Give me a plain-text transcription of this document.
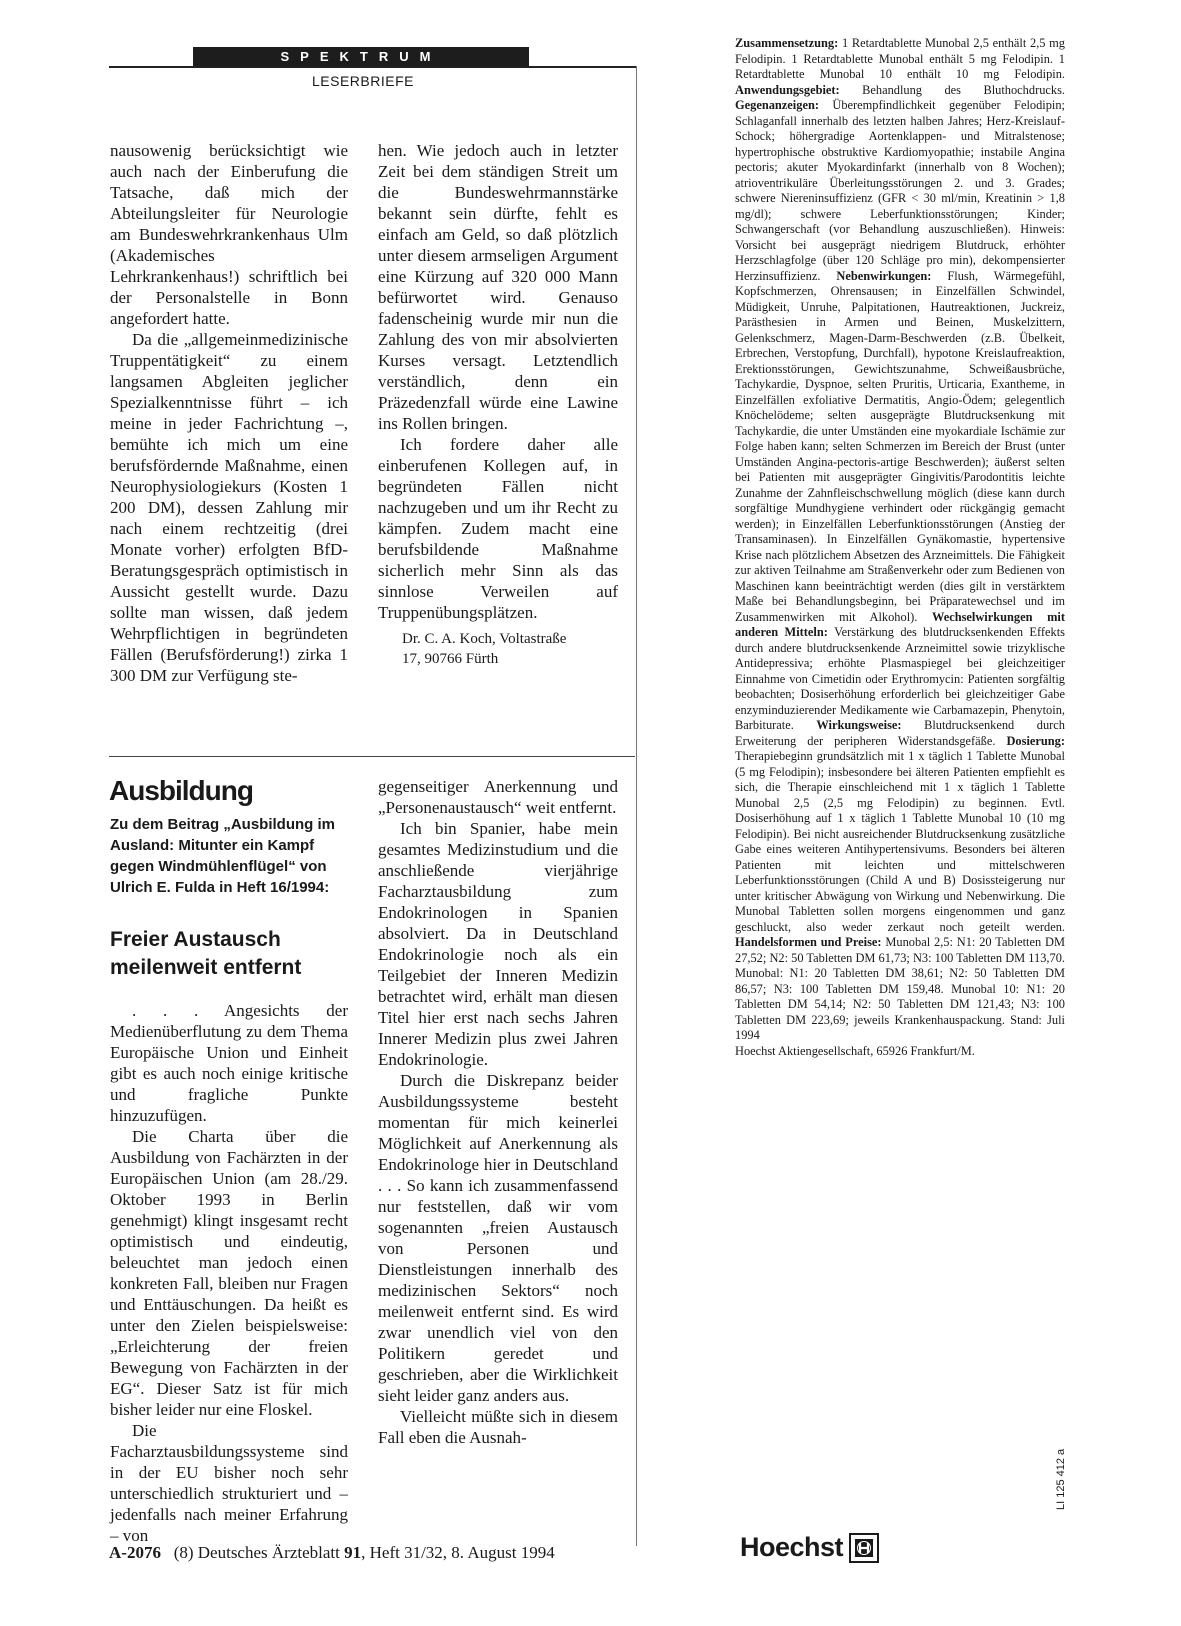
SPEKTRUM
LESERBRIEFE

nausowenig berücksichtigt wie auch nach der Einberufung die Tatsache, daß mich der Abteilungsleiter für Neurologie am Bundeswehrkrankenhaus Ulm (Akademisches Lehrkrankenhaus!) schriftlich bei der Personalstelle in Bonn angefordert hatte.

Da die „allgemeinmedizinische Truppentätigkeit“ zu einem langsamen Abgleiten jeglicher Spezialkenntnisse führt – ich meine in jeder Fachrichtung –, bemühte ich mich um eine berufsfördernde Maßnahme, einen Neurophysiologiekurs (Kosten 1 200 DM), dessen Zahlung mir nach einem rechtzeitig (drei Monate vorher) erfolgten BfD-Beratungsgespräch optimistisch in Aussicht gestellt wurde. Dazu sollte man wissen, daß jedem Wehrpflichtigen in begründeten Fällen (Berufsförderung!) zirka 1 300 DM zur Verfügung ste-

hen. Wie jedoch auch in letzter Zeit bei dem ständigen Streit um die Bundeswehrmannstärke bekannt sein dürfte, fehlt es einfach am Geld, so daß plötzlich unter diesem armseligen Argument eine Kürzung auf 320 000 Mann befürwortet wird. Genauso fadenscheinig wurde mir nun die Zahlung des von mir absolvierten Kurses versagt. Letztendlich verständlich, denn ein Präzedenzfall würde eine Lawine ins Rollen bringen.

Ich fordere daher alle einberufenen Kollegen auf, in begründeten Fällen nicht nachzugeben und um ihr Recht zu kämpfen. Zudem macht eine berufsbildende Maßnahme sicherlich mehr Sinn als das sinnlose Verweilen auf Truppenübungsplätzen.

Dr. C. A. Koch, Voltastraße
17, 90766 Fürth
Ausbildung
Zu dem Beitrag „Ausbildung im Ausland: Mitunter ein Kampf gegen Windmühlenflügel“ von Ulrich E. Fulda in Heft 16/1994:
Freier Austausch meilenweit entfernt

. . . Angesichts der Medienüberflutung zu dem Thema Europäische Union und Einheit gibt es auch noch einige kritische und fragliche Punkte hinzuzufügen.

Die Charta über die Ausbildung von Fachärzten in der Europäischen Union (am 28./29. Oktober 1993 in Berlin genehmigt) klingt insgesamt recht optimistisch und eindeutig, beleuchtet man jedoch einen konkreten Fall, bleiben nur Fragen und Enttäuschungen. Da heißt es unter den Zielen beispielsweise: „Erleichterung der freien Bewegung von Fachärzten in der EG“. Dieser Satz ist für mich bisher leider nur eine Floskel.

Die Facharztausbildungssysteme sind in der EU bisher noch sehr unterschiedlich strukturiert und – jedenfalls nach meiner Erfahrung – von

gegenseitiger Anerkennung und „Personenaustausch“ weit entfernt.

Ich bin Spanier, habe mein gesamtes Medizinstudium und die anschließende vierjährige Facharztausbildung zum Endokrinologen in Spanien absolviert. Da in Deutschland Endokrinologie noch als ein Teilgebiet der Inneren Medizin betrachtet wird, erhält man diesen Titel hier erst nach sechs Jahren Innerer Medizin plus zwei Jahren Endokrinologie.

Durch die Diskrepanz beider Ausbildungssysteme besteht momentan für mich keinerlei Möglichkeit auf Anerkennung als Endokrinologe hier in Deutschland . . . So kann ich zusammenfassend nur feststellen, daß wir vom sogenannten „freien Austausch von Personen und Dienstleistungen innerhalb des medizinischen Sektors“ noch meilenweit entfernt sind. Es wird zwar unendlich viel von den Politikern geredet und geschrieben, aber die Wirklichkeit sieht leider ganz anders aus.

Vielleicht müßte sich in diesem Fall eben die Ausnah-

Zusammensetzung: 1 Retardtablette Munobal 2,5 enthält 2,5 mg Felodipin. 1 Retardtablette Munobal enthält 5 mg Felodipin. 1 Retardtablette Munobal 10 enthält 10 mg Felodipin. Anwendungsgebiet: Behandlung des Bluthochdrucks. Gegenanzeigen: Überempfindlichkeit gegenüber Felodipin; Schlaganfall innerhalb des letzten halben Jahres; Herz-Kreislauf-Schock; höhergradige Aortenklappen- und Mitralstenose; hypertrophische obstruktive Kardiomyopathie; instabile Angina pectoris; akuter Myokardinfarkt (innerhalb von 8 Wochen); atrioventrikuläre Überleitungsstörungen 2. und 3. Grades; schwere Niereninsuffizienz (GFR < 30 ml/min, Kreatinin > 1,8 mg/dl); schwere Leberfunktionsstörungen; Kinder; Schwangerschaft (vor Behandlung auszuschließen). Hinweis: Vorsicht bei ausgeprägt niedrigem Blutdruck, erhöhter Herzschlagfolge (über 120 Schläge pro min), dekompensierter Herzinsuffizienz. Nebenwirkungen: Flush, Wärmegefühl, Kopfschmerzen, Ohrensausen; in Einzelfällen Schwindel, Müdigkeit, Unruhe, Palpitationen, Hautreaktionen, Juckreiz, Parästhesien in Armen und Beinen, Muskelzittern, Gelenkschmerz, Magen-Darm-Beschwerden (z.B. Übelkeit, Erbrechen, Verstopfung, Durchfall), hypotone Kreislaufreaktion, Erektionsstörungen, Gewichtszunahme, Schweißausbrüche, Tachykardie, Dyspnoe, selten Pruritis, Urticaria, Exantheme, in Einzelfällen exfoliative Dermatitis, Angio-Ödem; gelegentlich Knöchelödeme; selten ausgeprägte Blutdrucksenkung mit Tachykardie, die unter Umständen eine myokardiale Ischämie zur Folge haben kann; selten Schmerzen im Bereich der Brust (unter Umständen Angina-pectoris-artige Beschwerden); äußerst selten bei Patienten mit ausgeprägter Gingivitis/Parodontitis leichte Zunahme der Zahnfleischschwellung möglich (diese kann durch sorgfältige Mundhygiene verhindert oder rückgängig gemacht werden); in Einzelfällen Leberfunktionsstörungen (Anstieg der Transaminasen). In Einzelfällen Gynäkomastie, hypertensive Krise nach plötzlichem Absetzen des Arzneimittels. Die Fähigkeit zur aktiven Teilnahme am Straßenverkehr oder zum Bedienen von Maschinen kann beeinträchtigt werden (dies gilt in verstärktem Maße bei Behandlungsbeginn, bei Präparatewechsel und im Zusammenwirken mit Alkohol). Wechselwirkungen mit anderen Mitteln: Verstärkung des blutdrucksenkenden Effekts durch andere blutdrucksenkende Arzneimittel sowie trizyklische Antidepressiva; erhöhte Plasmaspiegel bei gleichzeitiger Einnahme von Cimetidin oder Erythromycin: Patienten sorgfältig beobachten; Dosiserhöhung erforderlich bei gleichzeitiger Gabe enzyminduzierender Medikamente wie Carbamazepin, Phenytoin, Barbiturate. Wirkungsweise: Blutdrucksenkend durch Erweiterung der peripheren Widerstandsgefäße. Dosierung: Therapiebeginn grundsätzlich mit 1 x täglich 1 Tablette Munobal (5 mg Felodipin); insbesondere bei älteren Patienten empfiehlt es sich, die Therapie einschleichend mit 1 x täglich 1 Tablette Munobal 2,5 (2,5 mg Felodipin) zu beginnen. Evtl. Dosiserhöhung auf 1 x täglich 1 Tablette Munobal 10 (10 mg Felodipin). Bei nicht ausreichender Blutdrucksenkung zusätzliche Gabe eines weiteren Antihypertensivums. Besonders bei älteren Patienten mit leichten und mittelschweren Leberfunktionsstörungen (Child A und B) Dosissteigerung nur unter kritischer Abwägung von Wirkung und Nebenwirkung. Die Munobal Tabletten sollen morgens eingenommen und ganz geschluckt, also weder zerkaut noch geteilt werden. Handelsformen und Preise: Munobal 2,5: N1: 20 Tabletten DM 27,52; N2: 50 Tabletten DM 61,73; N3: 100 Tabletten DM 113,70. Munobal: N1: 20 Tabletten DM 38,61; N2: 50 Tabletten DM 86,57; N3: 100 Tabletten DM 159,48. Munobal 10: N1: 20 Tabletten DM 54,14; N2: 50 Tabletten DM 121,43; N3: 100 Tabletten DM 223,69; jeweils Krankenhauspackung. Stand: Juli 1994
Hoechst Aktiengesellschaft, 65926 Frankfurt/M.
A-2076 (8) Deutsches Ärzteblatt 91, Heft 31/32, 8. August 1994	Hoechst
LI 125 412 a
